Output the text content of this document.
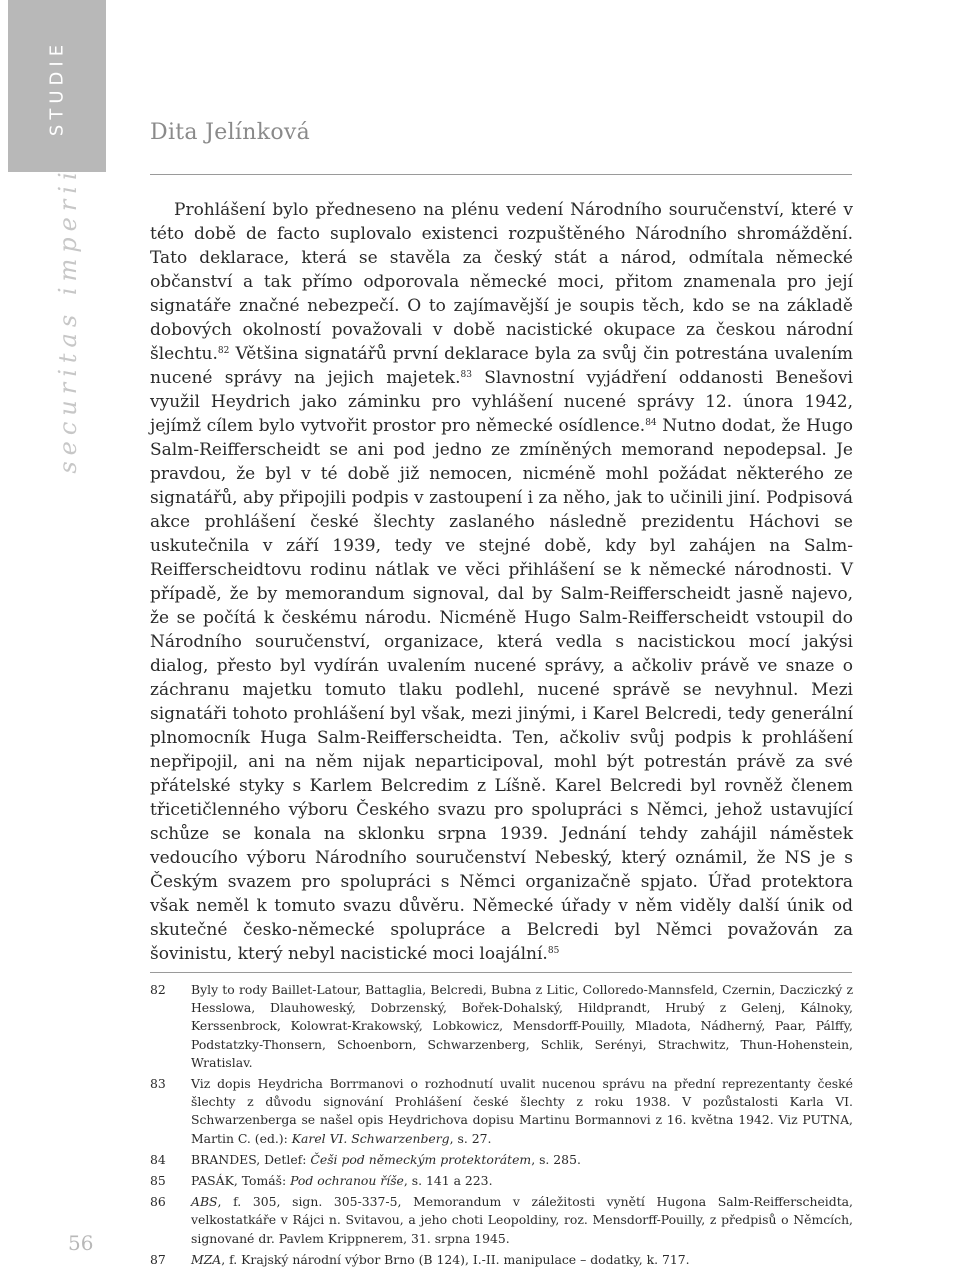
STUDIE
securitas imperii
56
Dita Jelínková

Prohlášení bylo předneseno na plénu vedení Národního souručenství, které v této době de facto suplovalo existenci rozpuštěného Národního shromáždění. Tato deklarace, která se stavěla za český stát a národ, odmítala německé občanství a tak přímo odporovala německé moci, přitom znamenala pro její signatáře značné nebezpečí. O to zajímavější je soupis těch, kdo se na základě dobových okolností považovali v době nacistické okupace za českou národní šlechtu.$^{82}$ Většina signatářů první deklarace byla za svůj čin potrestána uvalením nucené správy na jejich majetek.$^{83}$ Slavnostní vyjádření oddanosti Benešovi využil Heydrich jako záminku pro vyhlášení nucené správy 12. února 1942, jejímž cílem bylo vytvořit prostor pro německé osídlence.$^{84}$ Nutno dodat, že Hugo Salm-Reifferscheidt se ani pod jedno ze zmíněných memorand nepodepsal. Je pravdou, že byl v té době již nemocen, nicméně mohl požádat některého ze signatářů, aby připojili podpis v zastoupení i za něho, jak to učinili jiní. Podpisová akce prohlášení české šlechty zaslaného následně prezidentu Háchovi se uskutečnila v září 1939, tedy ve stejné době, kdy byl zahájen na Salm-Reifferscheidtovu rodinu nátlak ve věci přihlášení se k německé národnosti. V případě, že by memorandum signoval, dal by Salm-Reifferscheidt jasně najevo, že se počítá k českému národu. Nicméně Hugo Salm-Reifferscheidt vstoupil do Národního souručenství, organizace, která vedla s nacistickou mocí jakýsi dialog, přesto byl vydírán uvalením nucené správy, a ačkoliv právě ve snaze o záchranu majetku tomuto tlaku podlehl, nucené správě se nevyhnul. Mezi signatáři tohoto prohlášení byl však, mezi jinými, i Karel Belcredi, tedy generální plnomocník Huga Salm-Reifferscheidta. Ten, ačkoliv svůj podpis k prohlášení nepřipojil, ani na něm nijak neparticipoval, mohl být potrestán právě za své přátelské styky s Karlem Belcredim z Líšně. Karel Belcredi byl rovněž členem třicetičlenného výboru Českého svazu pro spolupráci s Němci, jehož ustavující schůze se konala na sklonku srpna 1939. Jednání tehdy zahájil náměstek vedoucího výboru Národního souručenství Nebeský, který oznámil, že NS je s Českým svazem pro spolupráci s Němci organizačně spjato. Úřad protektora však neměl k tomuto svazu důvěru. Německé úřady v něm viděly další únik od skutečné česko-německé spolupráce a Belcredi byl Němci považován za šovinistu, který nebyl nacistické moci loajální.$^{85}$

82	Byly to rody Baillet-Latour, Battaglia, Belcredi, Bubna z Litic, Colloredo-Mannsfeld, Czernin, Dacziczký z Hesslowa, Dlauhoweský, Dobrzenský, Bořek-Dohalský, Hildprandt, Hrubý z Gelenj, Kálnoky, Kerssenbrock, Kolowrat-Krakowský, Lobkowicz, Mensdorff-Pouilly, Mladota, Nádherný, Paar, Pálffy, Podstatzky-Thonsern, Schoenborn, Schwarzenberg, Schlik, Serényi, Strachwitz, Thun-Hohenstein, Wratislav.
83	Viz dopis Heydricha Borrmanovi o rozhodnutí uvalit nucenou správu na přední reprezentanty české šlechty z důvodu signování Prohlášení české šlechty z roku 1938. V pozůstalosti Karla VI. Schwarzenberga se našel opis Heydrichova dopisu Martinu Bormannovi z 16. května 1942. Viz PUTNA, Martin C. (ed.): Karel VI. Schwarzenberg, s. 27.
84	BRANDES, Detlef: Češi pod německým protektorátem, s. 285.
85	PASÁK, Tomáš: Pod ochranou říše, s. 141 a 223.
86	ABS, f. 305, sign. 305-337-5, Memorandum v záležitosti vynětí Hugona Salm-Reifferscheidta, velkostatkáře v Rájci n. Svitavou, a jeho choti Leopoldiny, roz. Mensdorff-Pouilly, z předpisů o Němcích, signované dr. Pavlem Krippnerem, 31. srpna 1945.
87	MZA, f. Krajský národní výbor Brno (B 124), I.-II. manipulace – dodatky, k. 717.
